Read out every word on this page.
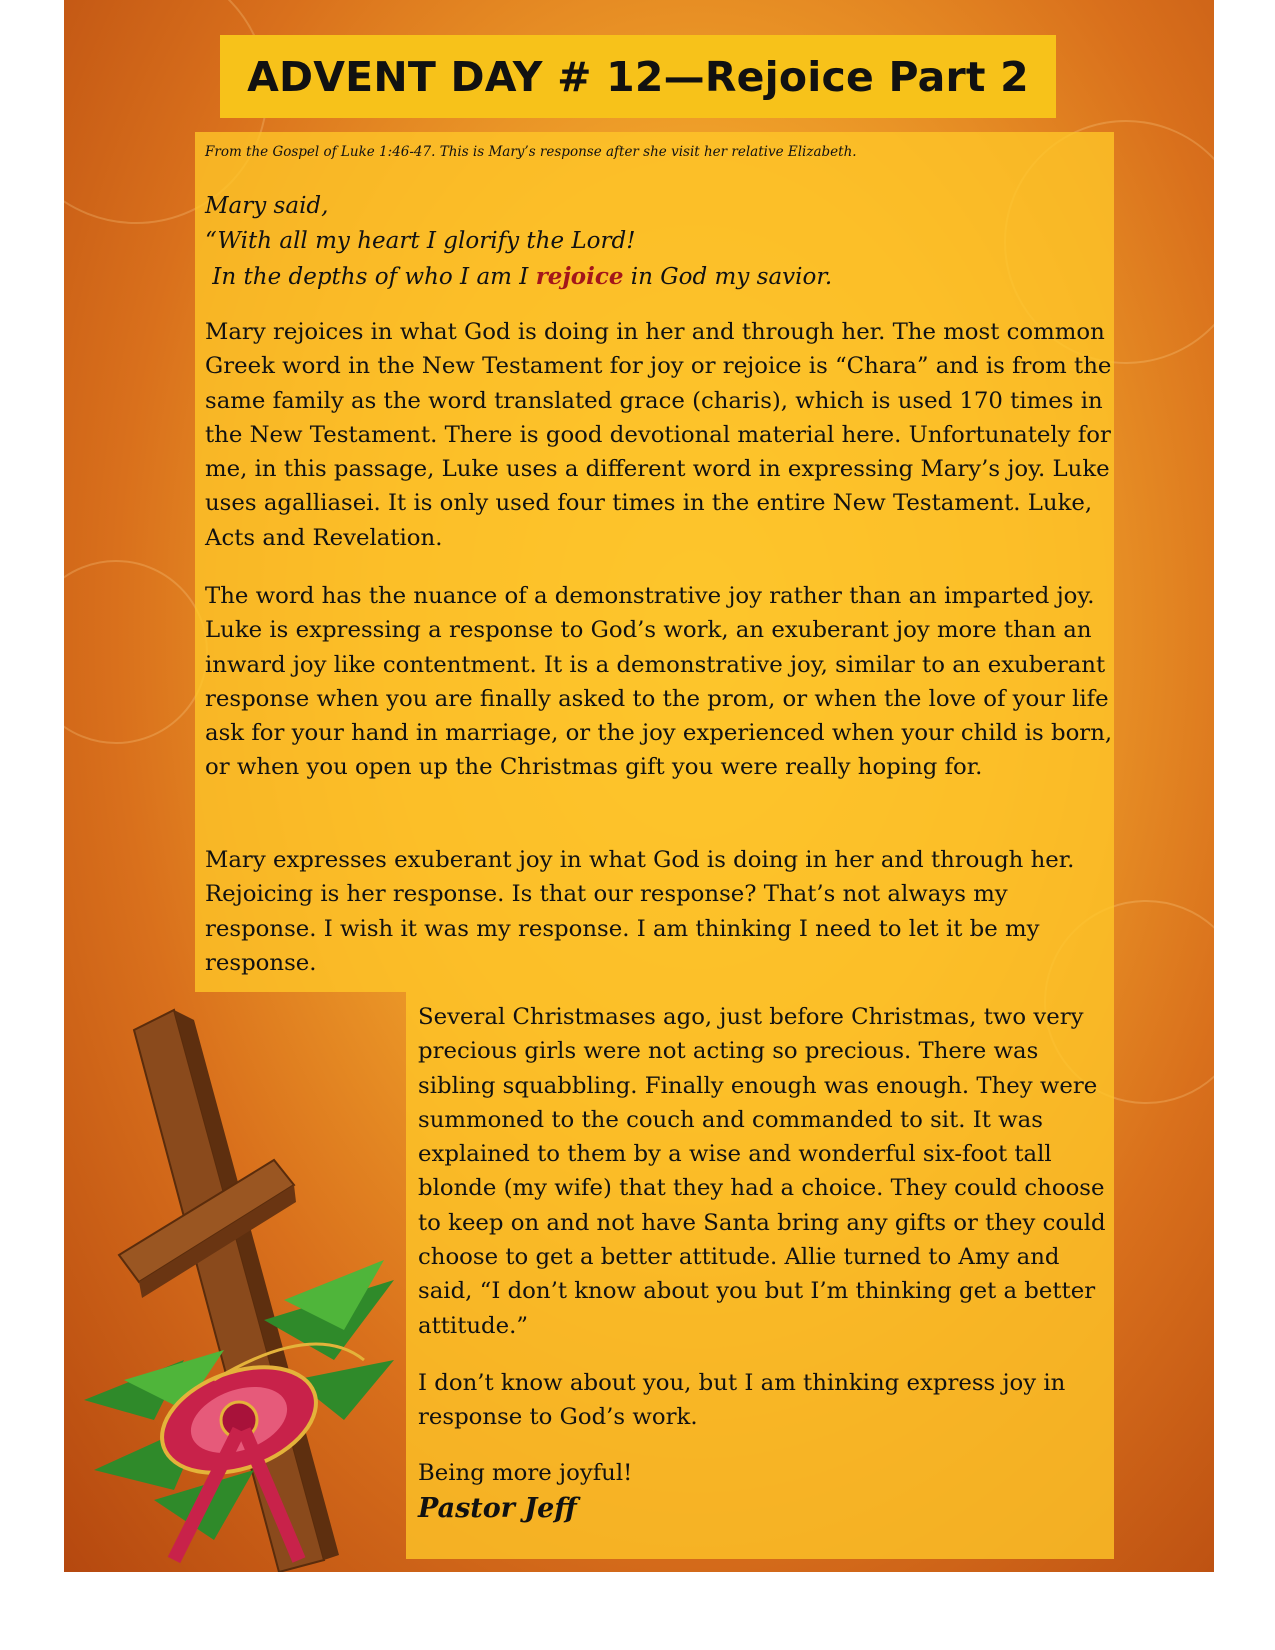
ADVENT DAY # 12—Rejoice Part 2

From the Gospel of Luke 1:46-47. This is Mary’s response after she visit her relative Elizabeth.

Mary said,
“With all my heart I glorify the Lord!
In the depths of who I am I rejoice in God my savior.

Mary rejoices in what God is doing in her and through her. The most common Greek word in the New Testament for joy or rejoice is “Chara” and is from the same family as the word translated grace (charis), which is used 170 times in the New Testament. There is good devotional material here. Unfortunately for me, in this passage, Luke uses a different word in expressing Mary’s joy. Luke uses agalliasei. It is only used four times in the entire New Testament. Luke, Acts and Revelation.

The word has the nuance of a demonstrative joy rather than an imparted joy. Luke is expressing a response to God’s work, an exuberant joy more than an inward joy like contentment. It is a demonstrative joy, similar to an exuberant response when you are finally asked to the prom, or when the love of your life ask for your hand in marriage, or the joy experienced when your child is born, or when you open up the Christmas gift you were really hoping for.

Mary expresses exuberant joy in what God is doing in her and through her. Rejoicing is her response. Is that our response? That’s not always my response. I wish it was my response. I am thinking I need to let it be my response.

Several Christmases ago, just before Christmas, two very precious girls were not acting so precious. There was sibling squabbling. Finally enough was enough. They were summoned to the couch and commanded to sit. It was explained to them by a wise and wonderful six-foot tall blonde (my wife) that they had a choice. They could choose to keep on and not have Santa bring any gifts or they could choose to get a better attitude. Allie turned to Amy and said, “I don’t know about you but I’m thinking get a better attitude.”

I don’t know about you, but I am thinking express joy in response to God’s work.

Being more joyful!

Pastor Jeff
